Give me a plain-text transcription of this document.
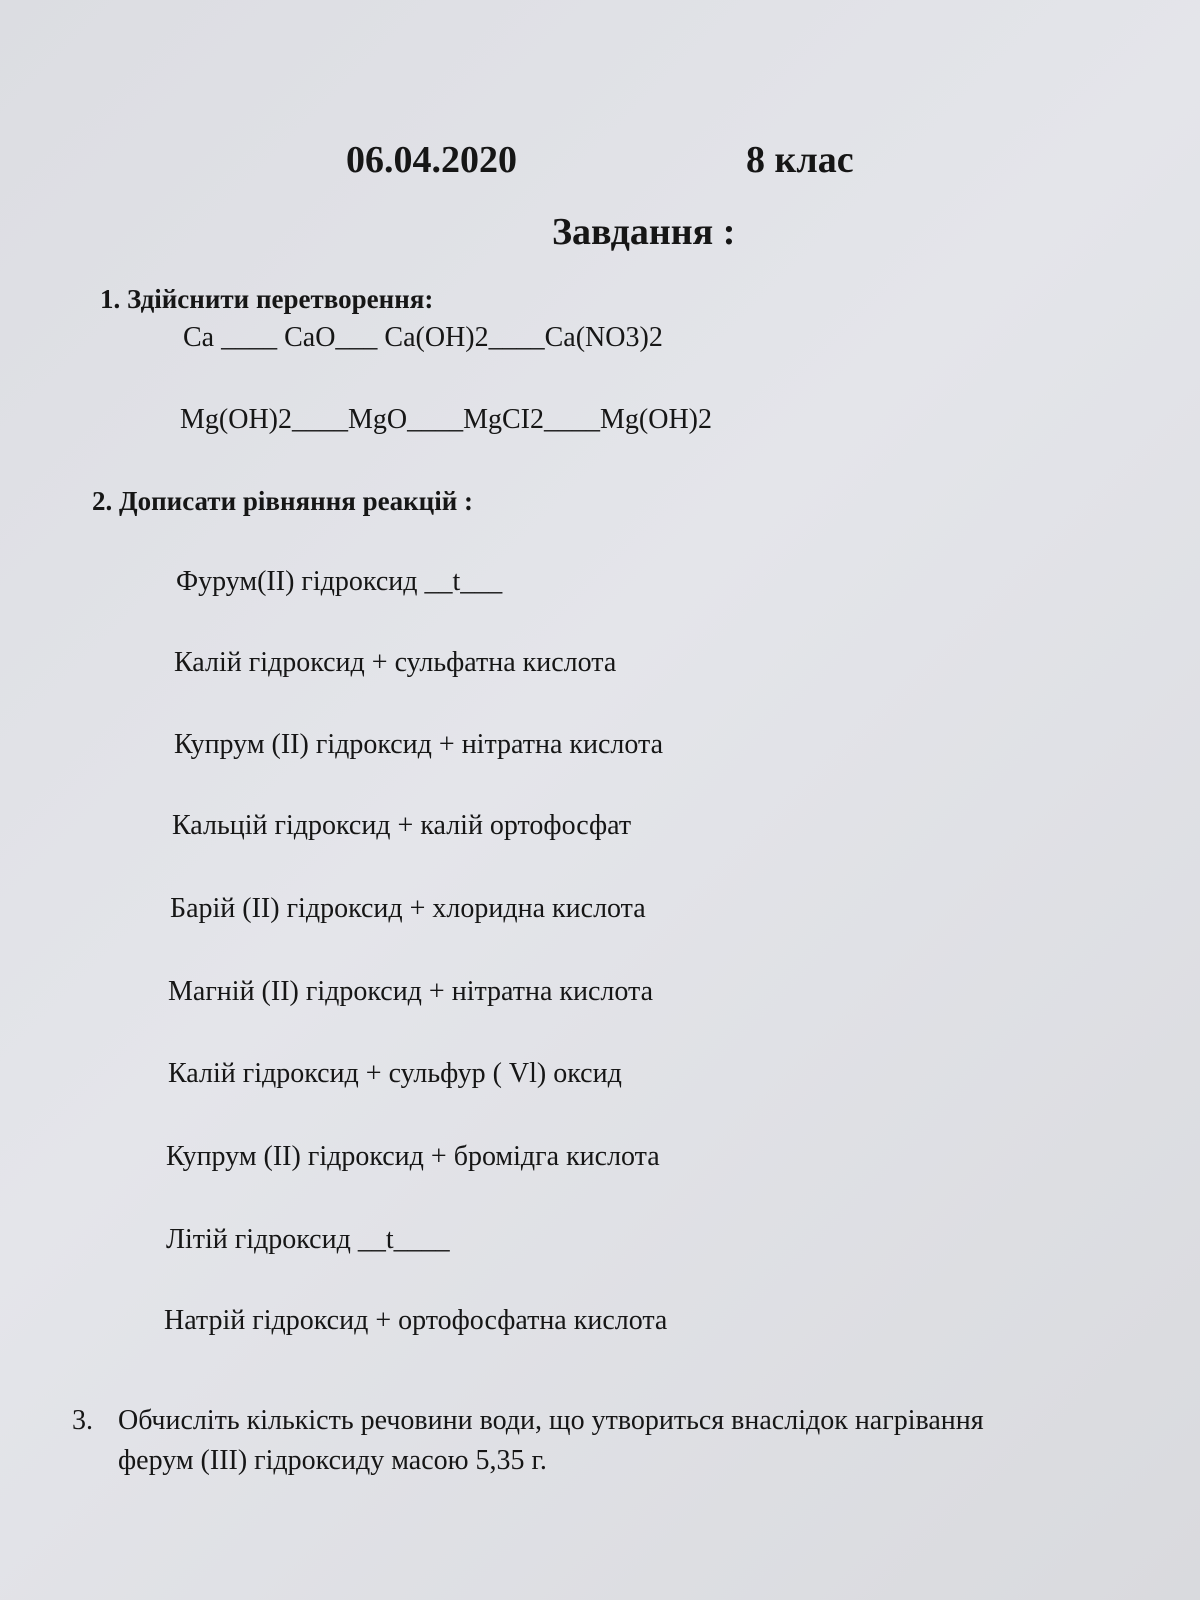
06.04.2020	8 клас
Завдання :
1. Здійснити перетворення:
Ca ____ CaO___ Ca(OH)2____Ca(NO3)2
Mg(OH)2____MgO____MgCI2____Mg(OH)2
2. Дописати рівняння реакцій :
Фурум(ІІ) гідроксид __t___
Калій гідроксид + сульфатна кислота
Купрум (ІІ) гідроксид + нітратна кислота
Кальцій гідроксид + калій ортофосфат
Барій (ІІ) гідроксид + хлоридна кислота
Магній (ІІ) гідроксид + нітратна кислота
Калій гідроксид + сульфур ( Vl) оксид
Купрум (ІІ) гідроксид + бромідга кислота
Літій гідроксид __t____
Натрій гідроксид + ортофосфатна кислота
3. Обчисліть кількість речовини води, що утвориться внаслідок нагрівання
ферум (ІІІ) гідроксиду масою 5,35 г.
